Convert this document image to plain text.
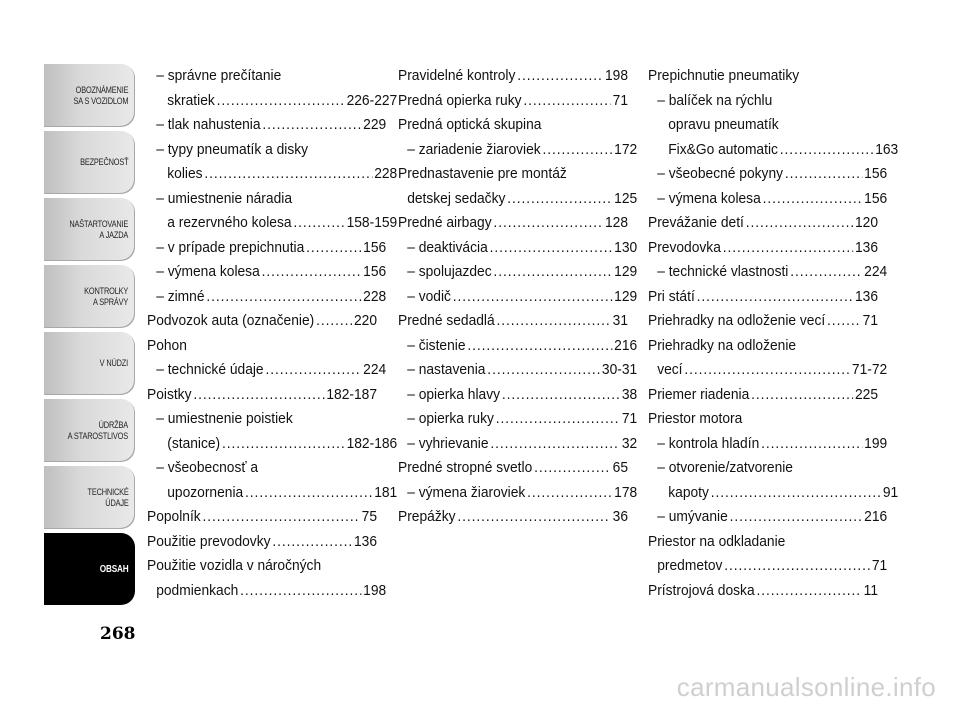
OBOZNÁMENIE
SA S VOZIDLOM
BEZPEČNOSŤ
NAŠTARTOVANIE
A JAZDA
KONTROLKY
A SPRÁVY
V NÚDZI
ÚDRŽBA
A STAROSTLIVOS
TECHNICKÉ
ÚDAJE
OBSAH
268
– správne prečítanie
skratiek .....	226-227
– tlak nahustenia .....	229
– typy pneumatík a disky
kolies .....	228
– umiestnenie náradia
a rezervného kolesa .....	158-159
– v prípade prepichnutia .....	156
– výmena kolesa .....	156
– zimné .....	228
Podvozok auta (označenie) .....	220
Pohon
– technické údaje .....	224
Poistky .....	182-187
– umiestnenie poistiek
(stanice) .....	182-186
– všeobecnosť a
upozornenia .....	181
Popolník .....	75
Použitie prevodovky .....	136
Použitie vozidla v náročných
podmienkach .....	198
Pravidelné kontroly .....	198
Predná opierka ruky .....	71
Predná optická skupina
– zariadenie žiaroviek .....	172
Prednastavenie pre montáž
detskej sedačky .....	125
Predné airbagy .....	128
– deaktivácia .....	130
– spolujazdec .....	129
– vodič .....	129
Predné sedadlá .....	31
– čistenie .....	216
– nastavenia .....	30-31
– opierka hlavy .....	38
– opierka ruky .....	71
– vyhrievanie .....	32
Predné stropné svetlo .....	65
– výmena žiaroviek .....	178
Prepážky .....	36
Prepichnutie pneumatiky
– balíček na rýchlu
opravu pneumatík
Fix&Go automatic .....	163
– všeobecné pokyny .....	156
– výmena kolesa .....	156
Prevážanie detí .....	120
Prevodovka .....	136
– technické vlastnosti .....	224
Pri státí .....	136
Priehradky na odloženie vecí ..... 71
Priehradky na odloženie
vecí .....	71-72
Priemer riadenia .....	225
Priestor motora
– kontrola hladín .....	199
– otvorenie/zatvorenie
kapoty .....	91
– umývanie .....	216
Priestor na odkladanie
predmetov .....	71
Prístrojová doska .....	11
carmanualsonline.info
